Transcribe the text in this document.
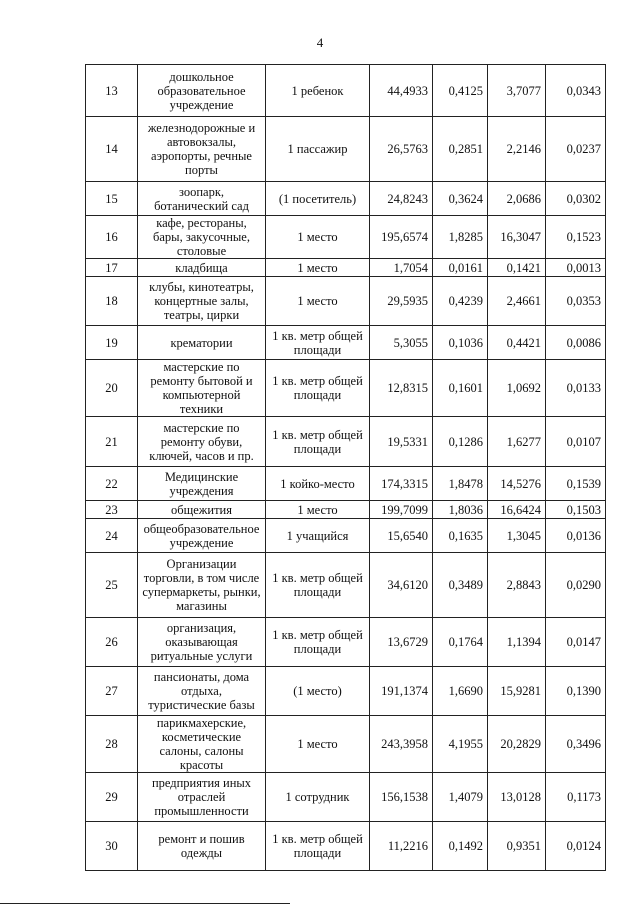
4
13	дошкольное образовательное учреждение	1 ребенок	44,4933	0,4125	3,7077	0,0343
14	железнодорожные и автовокзалы, аэропорты, речные порты	1 пассажир	26,5763	0,2851	2,2146	0,0237
15	зоопарк, ботанический сад	(1 посетитель)	24,8243	0,3624	2,0686	0,0302
16	кафе, рестораны, бары, закусочные, столовые	1 место	195,6574	1,8285	16,3047	0,1523
17	кладбища	1 место	1,7054	0,0161	0,1421	0,0013
18	клубы, кинотеатры, концертные залы, театры, цирки	1 место	29,5935	0,4239	2,4661	0,0353
19	крематории	1 кв. метр общей площади	5,3055	0,1036	0,4421	0,0086
20	мастерские по ремонту бытовой и компьютерной техники	1 кв. метр общей площади	12,8315	0,1601	1,0692	0,0133
21	мастерские по ремонту обуви, ключей, часов и пр.	1 кв. метр общей площади	19,5331	0,1286	1,6277	0,0107
22	Медицинские учреждения	1 койко-место	174,3315	1,8478	14,5276	0,1539
23	общежития	1 место	199,7099	1,8036	16,6424	0,1503
24	общеобразовательное учреждение	1 учащийся	15,6540	0,1635	1,3045	0,0136
25	Организации торговли, в том числе супермаркеты, рынки, магазины	1 кв. метр общей площади	34,6120	0,3489	2,8843	0,0290
26	организация, оказывающая ритуальные услуги	1 кв. метр общей площади	13,6729	0,1764	1,1394	0,0147
27	пансионаты, дома отдыха, туристические базы	(1 место)	191,1374	1,6690	15,9281	0,1390
28	парикмахерские, косметические салоны, салоны красоты	1 место	243,3958	4,1955	20,2829	0,3496
29	предприятия иных отраслей промышленности	1 сотрудник	156,1538	1,4079	13,0128	0,1173
30	ремонт и пошив одежды	1 кв. метр общей площади	11,2216	0,1492	0,9351	0,0124
